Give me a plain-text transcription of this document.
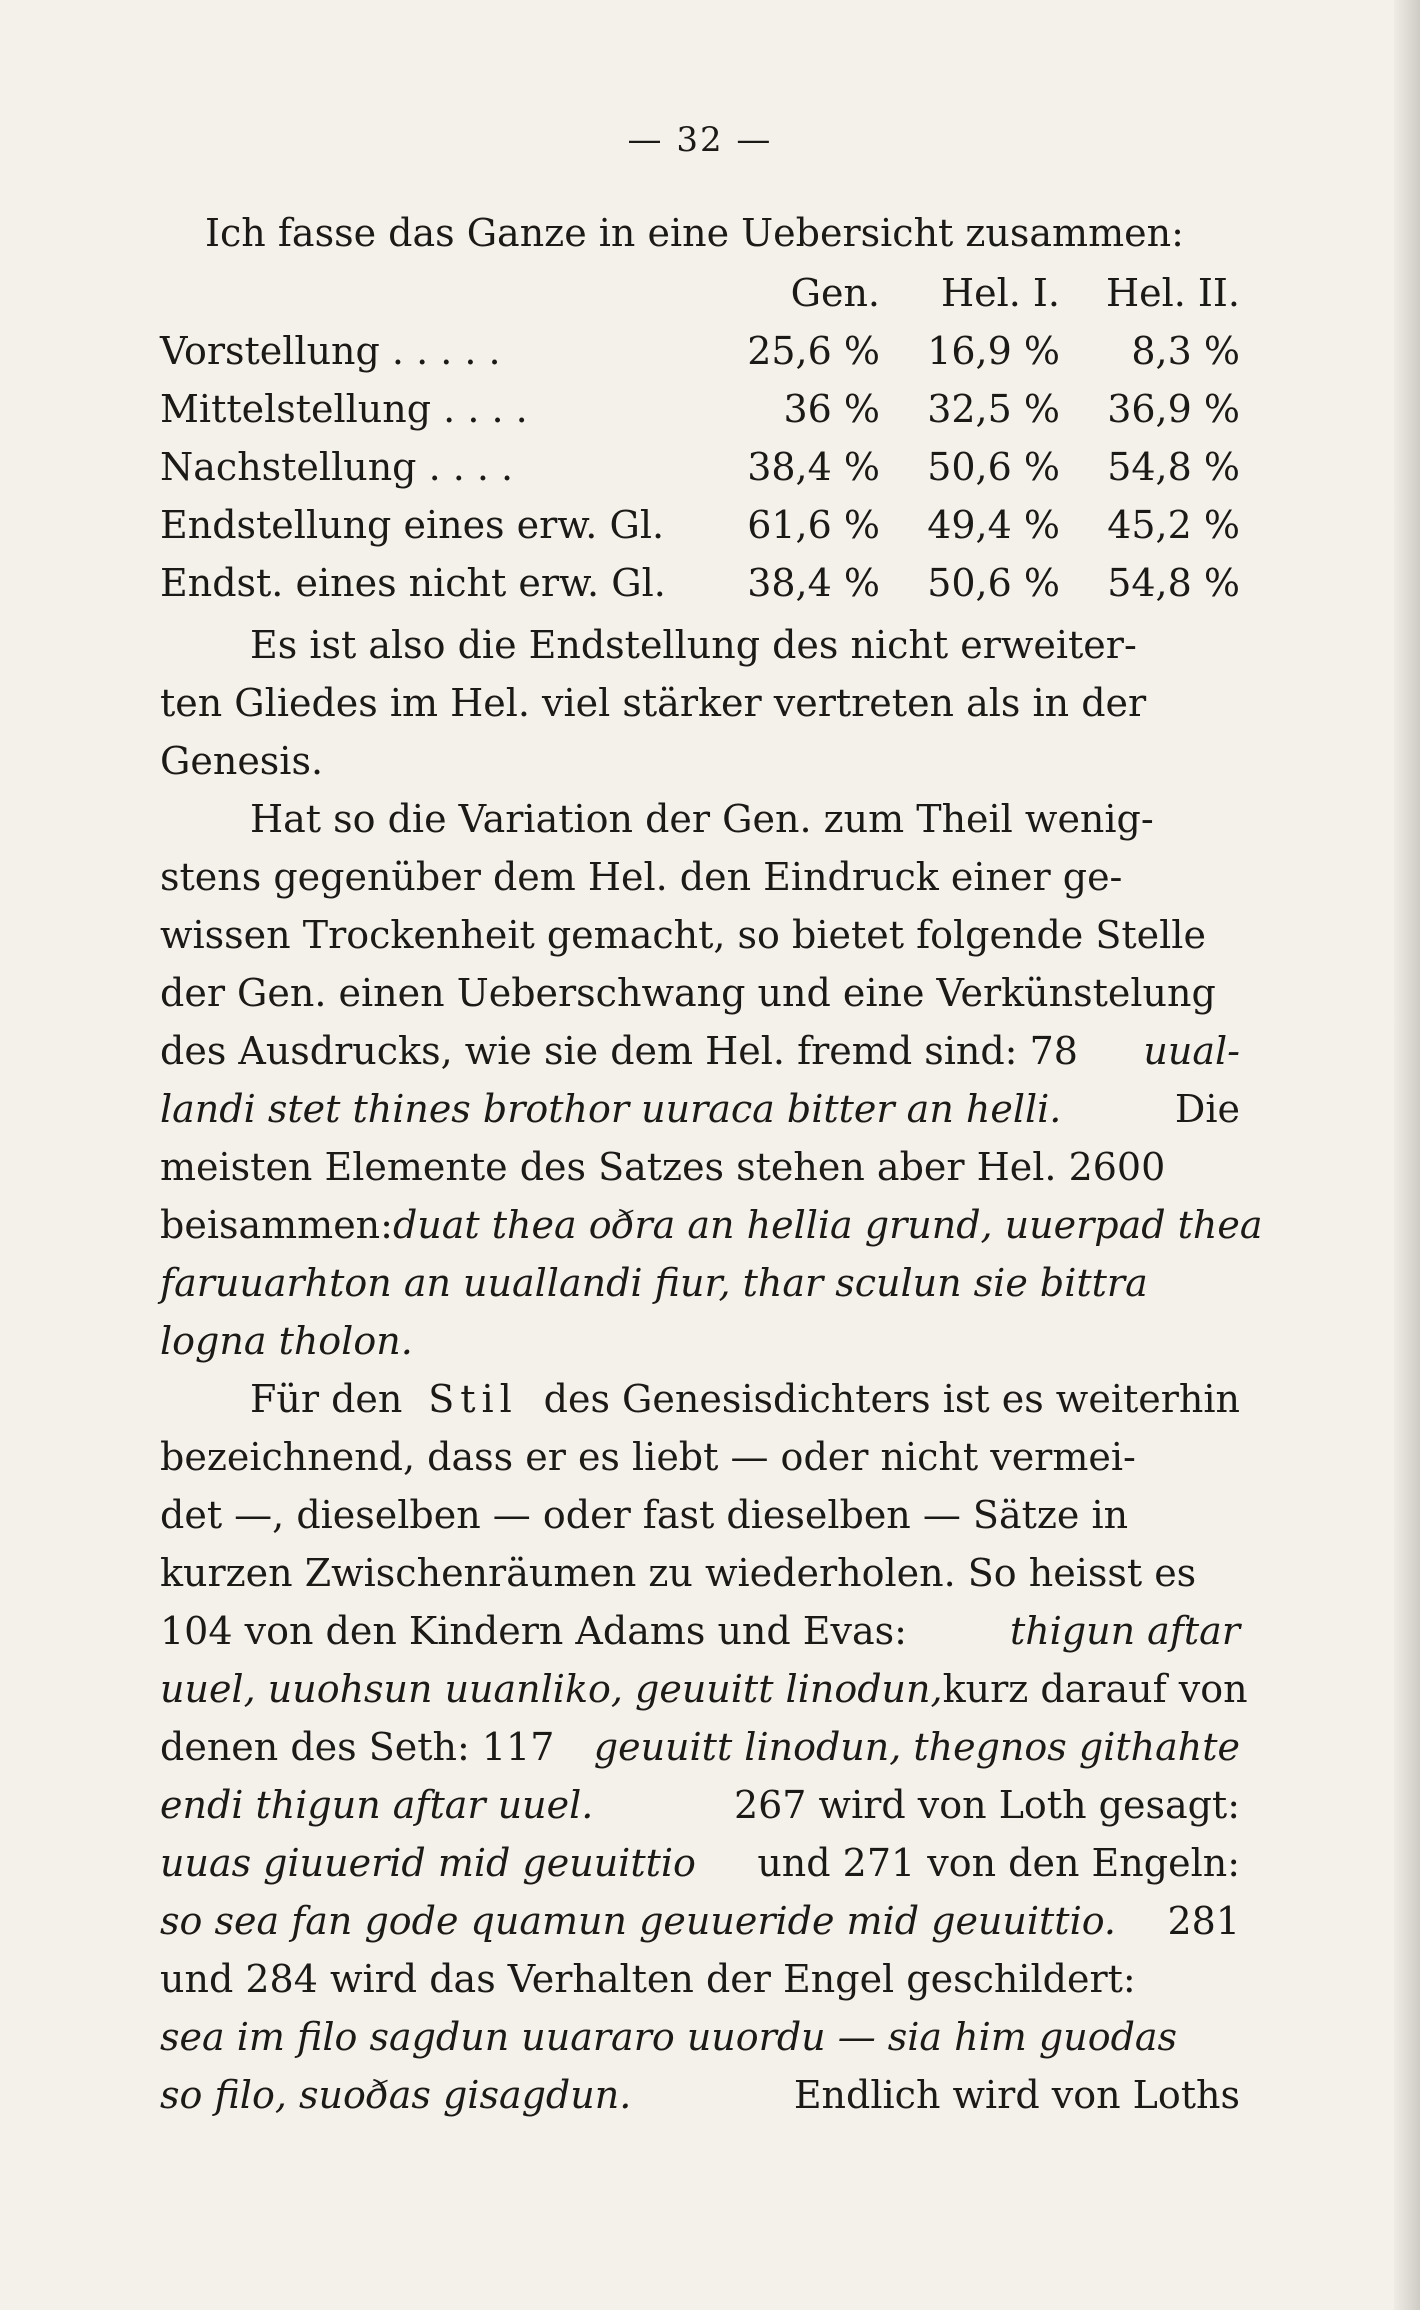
— 32 —
Ich fasse das Ganze in eine Uebersicht zusammen:
	Gen.	Hel. I.	Hel. II.
Vorstellung . . . . .	25,6 %	16,9 %	8,3 %
Mittelstellung . . . .	36 %	32,5 %	36,9 %
Nachstellung . . . .	38,4 %	50,6 %	54,8 %
Endstellung eines erw. Gl.	61,6 %	49,4 %	45,2 %
Endst. eines nicht erw. Gl.	38,4 %	50,6 %	54,8 %
Es ist also die Endstellung des nicht erweiter-
ten Gliedes im Hel. viel stärker vertreten als in der
Genesis.
Hat so die Variation der Gen. zum Theil wenig-
stens gegenüber dem Hel. den Eindruck einer ge-
wissen Trockenheit gemacht, so bietet folgende Stelle
der Gen. einen Ueberschwang und eine Verkünstelung
des Ausdrucks, wie sie dem Hel. fremd sind: 78 uual-
landi stet thines brothor uuraca bitter an helli.	Die
meisten Elemente des Satzes stehen aber Hel. 2600
beisammen: duat thea oðra an hellia grund, uuerpad thea
faruuarhton an uuallandi fiur, thar sculun sie bittra
logna tholon.
Für den Stil des Genesisdichters ist es weiterhin
bezeichnend, dass er es liebt — oder nicht vermei-
det —, dieselben — oder fast dieselben — Sätze in
kurzen Zwischenräumen zu wiederholen. So heisst es
104 von den Kindern Adams und Evas:	thigun aftar
uuel, uuohsun uuanliko, geuuitt linodun, kurz darauf von
denen des Seth: 117 geuuitt linodun, thegnos githahte
endi thigun aftar uuel.	267 wird von Loth gesagt:
uuas giuuerid mid geuuittio und 271 von den Engeln:
so sea fan gode quamun geuueride mid geuuittio. 281
und 284 wird das Verhalten der Engel geschildert:
sea im filo sagdun uuararo uuordu — sia him guodas
so filo, suoðas gisagdun.	Endlich wird von Loths
